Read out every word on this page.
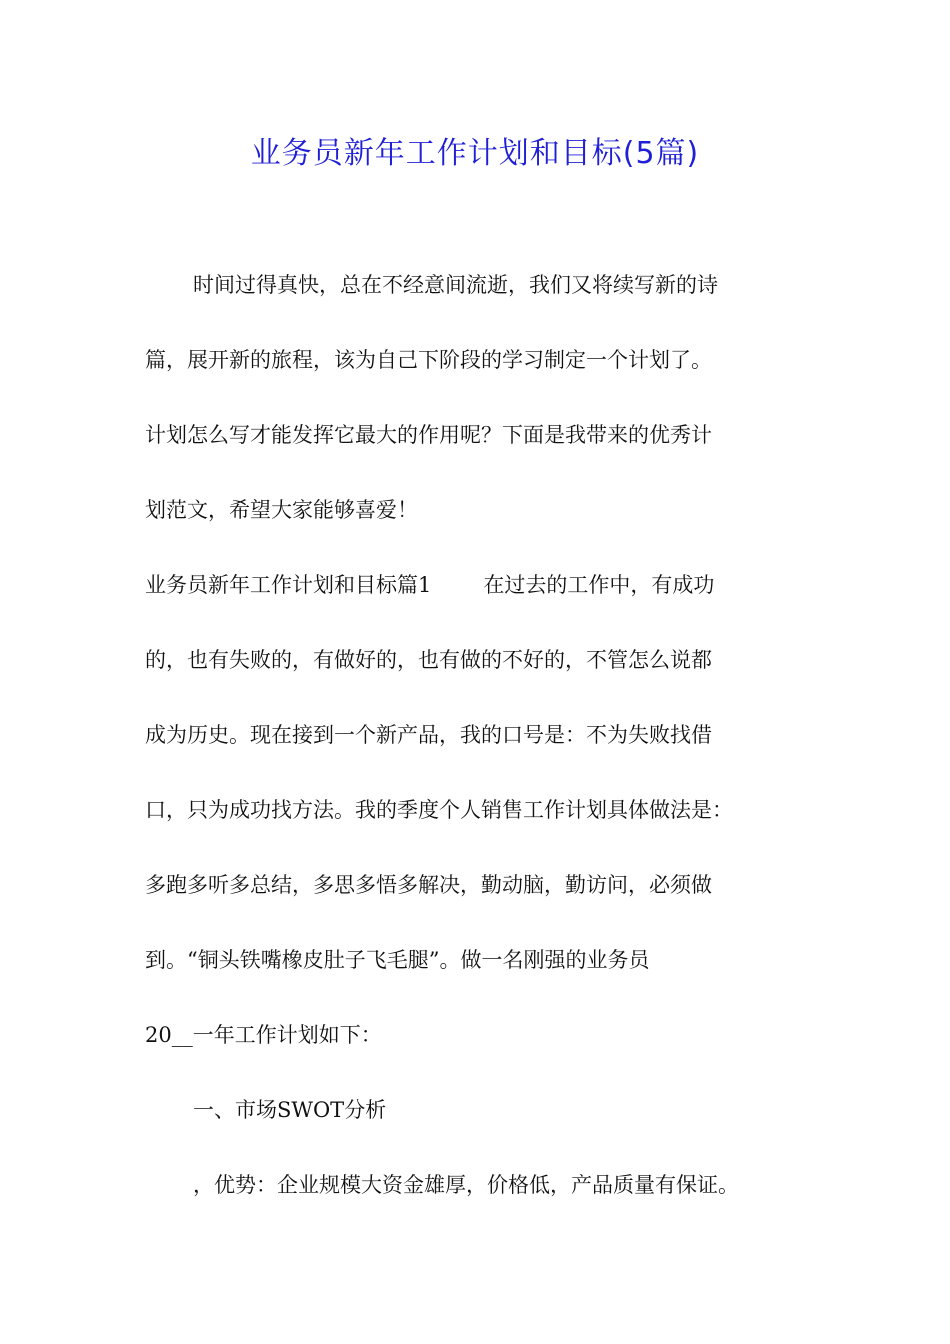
业务员新年工作计划和目标(5篇)

时间过得真快，总在不经意间流逝，我们又将续写新的诗

篇，展开新的旅程，该为自己下阶段的学习制定一个计划了。

计划怎么写才能发挥它最大的作用呢？下面是我带来的优秀计

划范文，希望大家能够喜爱！

业务员新年工作计划和目标篇1 在过去的工作中，有成功

的，也有失败的，有做好的，也有做的不好的，不管怎么说都

成为历史。现在接到一个新产品，我的口号是：不为失败找借

口，只为成功找方法。我的季度个人销售工作计划具体做法是：

多跑多听多总结，多思多悟多解决，勤动脑，勤访问，必须做

到。“铜头铁嘴橡皮肚子飞毛腿”。做一名刚强的业务员

20__一年工作计划如下：

一、市场SWOT分析

，优势：企业规模大资金雄厚，价格低，产品质量有保证。
